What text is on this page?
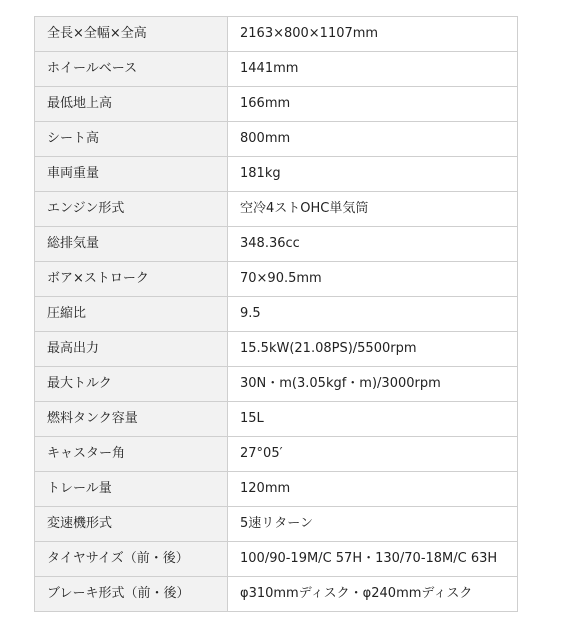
全長×全幅×全高	2163×800×1107mm
ホイールベース	1441mm
最低地上高	166mm
シート高	800mm
車両重量	181kg
エンジン形式	空冷4ストOHC単気筒
総排気量	348.36cc
ボア×ストローク	70×90.5mm
圧縮比	9.5
最高出力	15.5kW(21.08PS)/5500rpm
最大トルク	30N・m(3.05kgf・m)/3000rpm
燃料タンク容量	15L
キャスター角	27°05′
トレール量	120mm
変速機形式	5速リターン
タイヤサイズ（前・後）	100/90-19M/C 57H・130/70-18M/C 63H
ブレーキ形式（前・後）	φ310mmディスク・φ240mmディスク
